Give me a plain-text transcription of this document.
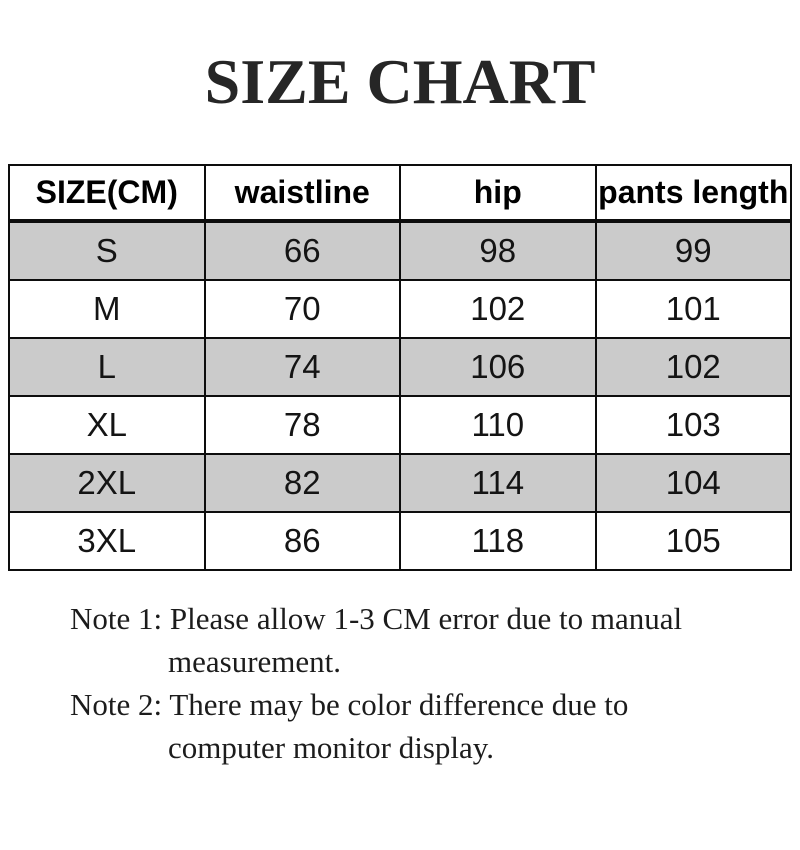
SIZE CHART
SIZE(CM)	waistline	hip	pants length
S	66	98	99
M	70	102	101
L	74	106	102
XL	78	110	103
2XL	82	114	104
3XL	86	118	105
Note 1: Please allow 1-3 CM error due to manual
measurement.
Note 2: There may be color difference due to
computer monitor display.
